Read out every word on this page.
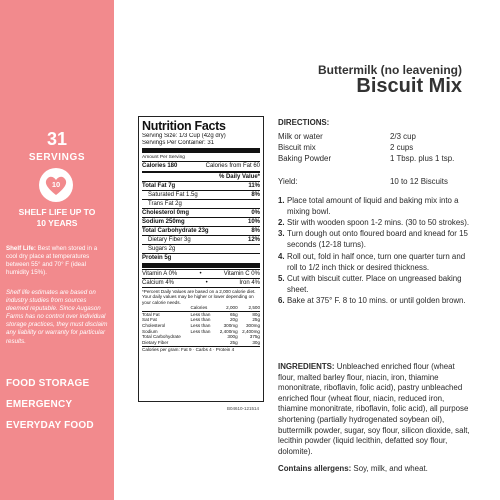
31
SERVINGS
10
SHELF LIFE UP TO
10 YEARS
Shelf Life: Best when stored in a cool dry place at temperatures between 55° and 70° F (ideal humidity 15%).
Shelf life estimates are based on industry studies from sources deemed reputable. Since Augason Farms has no control over individual storage practices, they must disclaim any liability or warranty for particular results.
FOOD STORAGE
EMERGENCY
EVERYDAY FOOD
Buttermilk (no leavening)
Biscuit Mix
Nutrition Facts
Serving Size: 1/3 Cup (42g dry)
Servings Per Container: 31
Amount Per Serving
Calories 180	Calories from Fat 60
% Daily Value*
Total Fat 7g	11%
Saturated Fat 1.5g	8%
Trans Fat 2g
Cholesterol 0mg	0%
Sodium 250mg	10%
Total Carbohydrate 23g	8%
Dietary Fiber 3g	12%
Sugars 2g
Protein 5g
Vitamin A 0%	•	Vitamin C 0%
Calcium 4%	•	Iron 4%
*Percent Daily Values are based on a 2,000 calorie diet. Your daily values may be higher or lower depending on your calorie needs.
	Calories	2,000	2,500
Total Fat	Less than	65g	80g
Sat Fat	Less than	20g	25g
Cholesterol	Less than	300mg	300mg
Sodium	Less than	2,400mg	2,400mg
Total Carbohydrate		300g	375g
Dietary Fiber		25g	30g
Calories per gram: Fat 9 · Carbs 4 · Protein 4
B04610-121514
DIRECTIONS:
Milk or water	2/3 cup
Biscuit mix	2 cups
Baking Powder	1 Tbsp. plus 1 tsp.
Yield:	10 to 12 Biscuits
1. Place total amount of liquid and baking mix into a mixing bowl.
2. Stir with wooden spoon 1-2 mins. (30 to 50 strokes).
3. Turn dough out onto floured board and knead for 15 seconds (12-18 turns).
4. Roll out, fold in half once, turn one quarter turn and roll to 1/2 inch thick or desired thickness.
5. Cut with biscuit cutter. Place on ungreased baking sheet.
6. Bake at 375° F. 8 to 10 mins. or until golden brown.
INGREDIENTS: Unbleached enriched flour (wheat flour, malted barley flour, niacin, iron, thiamine mononitrate, riboflavin, folic acid), pastry unbleached enriched flour (wheat flour, niacin, reduced iron, thiamine mononitrate, riboflavin, folic acid), all purpose shortening (partially hydrogenated soybean oil), buttermilk powder, sugar, soy flour, silicon dioxide, salt, lecithin powder (liquid lecithin, defatted soy flour, dolomite).
Contains allergens: Soy, milk, and wheat.
